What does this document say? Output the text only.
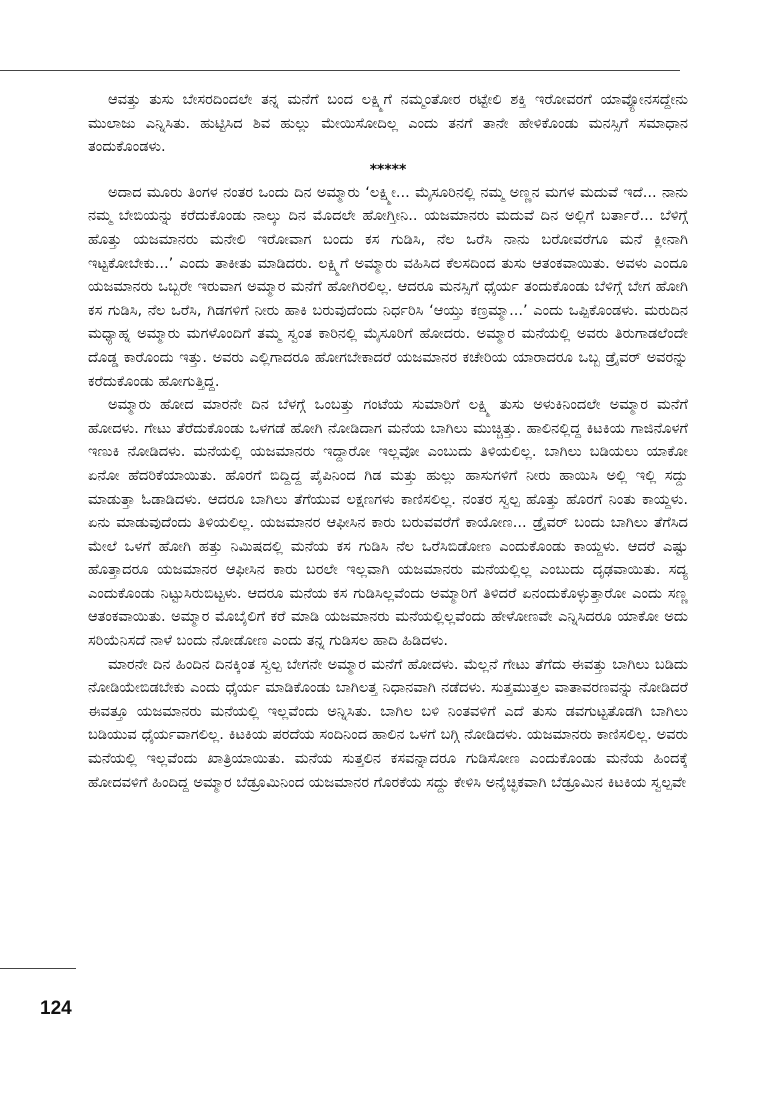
ಆವತ್ತು ತುಸು ಬೇಸರದಿಂದಲೇ ತನ್ನ ಮನೆಗೆ ಬಂದ ಲಕ್ಷ್ಮಿಗೆ ನಮ್ಮಂತೋರ ರಟ್ಟೇಲಿ ಶಕ್ತಿ ಇರೋವರಗೆ ಯಾವ್ಯೋನಸದ್ದೇನು ಮುಲಾಜು ಎನ್ನಿಸಿತು. ಹುಟ್ಟಿಸಿದ ಶಿವ ಹುಲ್ಲು ಮೇಯಿಸೋದಿಲ್ಲ ಎಂದು ತನಗೆ ತಾನೇ ಹೇಳಿಕೊಂಡು ಮನಸ್ಸಿಗೆ ಸಮಾಧಾನ ತಂದುಕೊಂಡಳು.

*****

ಅದಾದ ಮೂರು ತಿಂಗಳ ನಂತರ ಒಂದು ದಿನ ಅಮ್ಮಾರು ‘ಲಕ್ಷ್ಮೀ... ಮೈಸೂರಿನಲ್ಲಿ ನಮ್ಮ ಅಣ್ಣನ ಮಗಳ ಮದುವೆ ಇದೆ... ನಾನು ನಮ್ಮ ಬೇಬಿಯನ್ನು ಕರೆದುಕೊಂಡು ನಾಲ್ಕು ದಿನ ಮೊದಲೇ ಹೋಗ್ತೀನಿ.. ಯಜಮಾನರು ಮದುವೆ ದಿನ ಅಲ್ಲಿಗೆ ಬರ್ತಾರೆ... ಬೆಳಿಗ್ಗೆ ಹೊತ್ತು ಯಜಮಾನರು ಮನೇಲಿ ಇರೋವಾಗ ಬಂದು ಕಸ ಗುಡಿಸಿ, ನೆಲ ಒರೆಸಿ ನಾನು ಬರೋವರೆಗೂ ಮನೆ ಕ್ಲೀನಾಗಿ ಇಟ್ಟಕೋಬೇಕು...’ ಎಂದು ತಾಕೀತು ಮಾಡಿದರು. ಲಕ್ಷ್ಮಿಗೆ ಅಮ್ಮಾರು ವಹಿಸಿದ ಕೆಲಸದಿಂದ ತುಸು ಆತಂಕವಾಯಿತು. ಅವಳು ಎಂದೂ ಯಜಮಾನರು ಒಬ್ಬರೇ ಇರುವಾಗ ಅಮ್ಮಾರ ಮನೆಗೆ ಹೋಗಿರಲಿಲ್ಲ. ಆದರೂ ಮನಸ್ಸಿಗೆ ಧೈರ್ಯ ತಂದುಕೊಂಡು ಬೆಳಿಗ್ಗೆ ಬೇಗ ಹೋಗಿ ಕಸ ಗುಡಿಸಿ, ನೆಲ ಒರೆಸಿ, ಗಿಡಗಳಿಗೆ ನೀರು ಹಾಕಿ ಬರುವುದೆಂದು ನಿರ್ಧರಿಸಿ ‘ಆಯ್ತು ಕಣ್ರಮ್ಮಾ...’ ಎಂದು ಒಪ್ಪಿಕೊಂಡಳು. ಮರುದಿನ ಮಧ್ಯಾಹ್ನ ಅಮ್ಮಾರು ಮಗಳೊಂದಿಗೆ ತಮ್ಮ ಸ್ವಂತ ಕಾರಿನಲ್ಲಿ ಮೈಸೂರಿಗೆ ಹೋದರು. ಅಮ್ಮಾರ ಮನೆಯಲ್ಲಿ ಅವರು ತಿರುಗಾಡಲೆಂದೇ ದೊಡ್ಡ ಕಾರೊಂದು ಇತ್ತು. ಅವರು ಎಲ್ಲಿಗಾದರೂ ಹೋಗಬೇಕಾದರೆ ಯಜಮಾನರ ಕಚೇರಿಯ ಯಾರಾದರೂ ಒಬ್ಬ ಡ್ರೈವರ್ ಅವರನ್ನು ಕರೆದುಕೊಂಡು ಹೋಗುತ್ತಿದ್ದ.

ಅಮ್ಮಾರು ಹೋದ ಮಾರನೇ ದಿನ ಬೆಳಗ್ಗೆ ಒಂಬತ್ತು ಗಂಟೆಯ ಸುಮಾರಿಗೆ ಲಕ್ಷ್ಮಿ ತುಸು ಅಳುಕಿನಿಂದಲೇ ಅಮ್ಮಾರ ಮನೆಗೆ ಹೋದಳು. ಗೇಟು ತೆರೆದುಕೊಂಡು ಒಳಗಡೆ ಹೋಗಿ ನೋಡಿದಾಗ ಮನೆಯ ಬಾಗಿಲು ಮುಚ್ಚಿತ್ತು. ಹಾಲಿನಲ್ಲಿದ್ದ ಕಿಟಕಿಯ ಗಾಜಿನೊಳಗೆ ಇಣುಕಿ ನೋಡಿದಳು. ಮನೆಯಲ್ಲಿ ಯಜಮಾನರು ಇದ್ದಾರೋ ಇಲ್ಲವೋ ಎಂಬುದು ತಿಳಿಯಲಿಲ್ಲ. ಬಾಗಿಲು ಬಡಿಯಲು ಯಾಕೋ ಏನೋ ಹೆದರಿಕೆಯಾಯಿತು. ಹೊರಗೆ ಬಿದ್ದಿದ್ದ ಪೈಪಿನಿಂದ ಗಿಡ ಮತ್ತು ಹುಲ್ಲು ಹಾಸುಗಳಿಗೆ ನೀರು ಹಾಯಿಸಿ ಅಲ್ಲಿ ಇಲ್ಲಿ ಸದ್ದು ಮಾಡುತ್ತಾ ಓಡಾಡಿದಳು. ಆದರೂ ಬಾಗಿಲು ತೆಗೆಯುವ ಲಕ್ಷಣಗಳು ಕಾಣಿಸಲಿಲ್ಲ. ನಂತರ ಸ್ವಲ್ಪ ಹೊತ್ತು ಹೊರಗೆ ನಿಂತು ಕಾಯ್ದಳು. ಏನು ಮಾಡುವುದೆಂದು ತಿಳಿಯಲಿಲ್ಲ. ಯಜಮಾನರ ಆಫೀಸಿನ ಕಾರು ಬರುವವರೆಗೆ ಕಾಯೋಣ... ಡ್ರೈವರ್ ಬಂದು ಬಾಗಿಲು ತೆಗೆಸಿದ ಮೇಲೆ ಒಳಗೆ ಹೋಗಿ ಹತ್ತು ನಿಮಿಷದಲ್ಲಿ ಮನೆಯ ಕಸ ಗುಡಿಸಿ ನೆಲ ಒರೆಸಿಬಿಡೋಣ ಎಂದುಕೊಂಡು ಕಾಯ್ದಳು. ಆದರೆ ಎಷ್ಟು ಹೊತ್ತಾದರೂ ಯಜಮಾನರ ಆಫೀಸಿನ ಕಾರು ಬರಲೇ ಇಲ್ಲವಾಗಿ ಯಜಮಾನರು ಮನೆಯಲ್ಲಿಲ್ಲ ಎಂಬುದು ದೃಢವಾಯಿತು. ಸದ್ಯ ಎಂದುಕೊಂಡು ನಿಟ್ಟುಸಿರುಬಿಟ್ಟಳು. ಆದರೂ ಮನೆಯ ಕಸ ಗುಡಿಸಿಲ್ಲವೆಂದು ಅಮ್ಮಾರಿಗೆ ತಿಳಿದರೆ ಏನಂದುಕೊಳ್ಳುತ್ತಾರೋ ಎಂದು ಸಣ್ಣ ಆತಂಕವಾಯಿತು. ಅಮ್ಮಾರ ಮೊಬೈಲಿಗೆ ಕರೆ ಮಾಡಿ ಯಜಮಾನರು ಮನೆಯಲ್ಲಿಲ್ಲವೆಂದು ಹೇಳೋಣವೇ ಎನ್ನಿಸಿದರೂ ಯಾಕೋ ಅದು ಸರಿಯೆನಿಸದೆ ನಾಳೆ ಬಂದು ನೋಡೋಣ ಎಂದು ತನ್ನ ಗುಡಿಸಲ ಹಾದಿ ಹಿಡಿದಳು.

ಮಾರನೇ ದಿನ ಹಿಂದಿನ ದಿನಕ್ಕಿಂತ ಸ್ವಲ್ಪ ಬೇಗನೇ ಅಮ್ಮಾರ ಮನೆಗೆ ಹೋದಳು. ಮೆಲ್ಲನೆ ಗೇಟು ತೆಗೆದು ಈವತ್ತು ಬಾಗಿಲು ಬಡಿದು ನೋಡಿಯೇಬಿಡಬೇಕು ಎಂದು ಧೈರ್ಯ ಮಾಡಿಕೊಂಡು ಬಾಗಿಲತ್ತ ನಿಧಾನವಾಗಿ ನಡೆದಳು. ಸುತ್ತಮುತ್ತಲ ವಾತಾವರಣವನ್ನು ನೋಡಿದರೆ ಈವತ್ತೂ ಯಜಮಾನರು ಮನೆಯಲ್ಲಿ ಇಲ್ಲವೆಂದು ಅನ್ನಿಸಿತು. ಬಾಗಿಲ ಬಳಿ ನಿಂತವಳಿಗೆ ಎದೆ ತುಸು ಡವಗುಟ್ಟತೊಡಗಿ ಬಾಗಿಲು ಬಡಿಯುವ ಧೈರ್ಯವಾಗಲಿಲ್ಲ. ಕಿಟಕಿಯ ಪರದೆಯ ಸಂದಿನಿಂದ ಹಾಲಿನ ಒಳಗೆ ಬಗ್ಗಿ ನೋಡಿದಳು. ಯಜಮಾನರು ಕಾಣಿಸಲಿಲ್ಲ. ಅವರು ಮನೆಯಲ್ಲಿ ಇಲ್ಲವೆಂದು ಖಾತ್ರಿಯಾಯಿತು. ಮನೆಯ ಸುತ್ತಲಿನ ಕಸವನ್ನಾದರೂ ಗುಡಿಸೋಣ ಎಂದುಕೊಂಡು ಮನೆಯ ಹಿಂದಕ್ಕೆ ಹೋದವಳಿಗೆ ಹಿಂದಿದ್ದ ಅಮ್ಮಾರ ಬೆಡ್ರೂಮಿನಿಂದ ಯಜಮಾನರ ಗೊರಕೆಯ ಸದ್ದು ಕೇಳಿಸಿ ಅನೈಚ್ಛಿಕವಾಗಿ ಬೆಡ್ರೂಮಿನ ಕಿಟಕಿಯ ಸ್ವಲ್ಪವೇ

124
